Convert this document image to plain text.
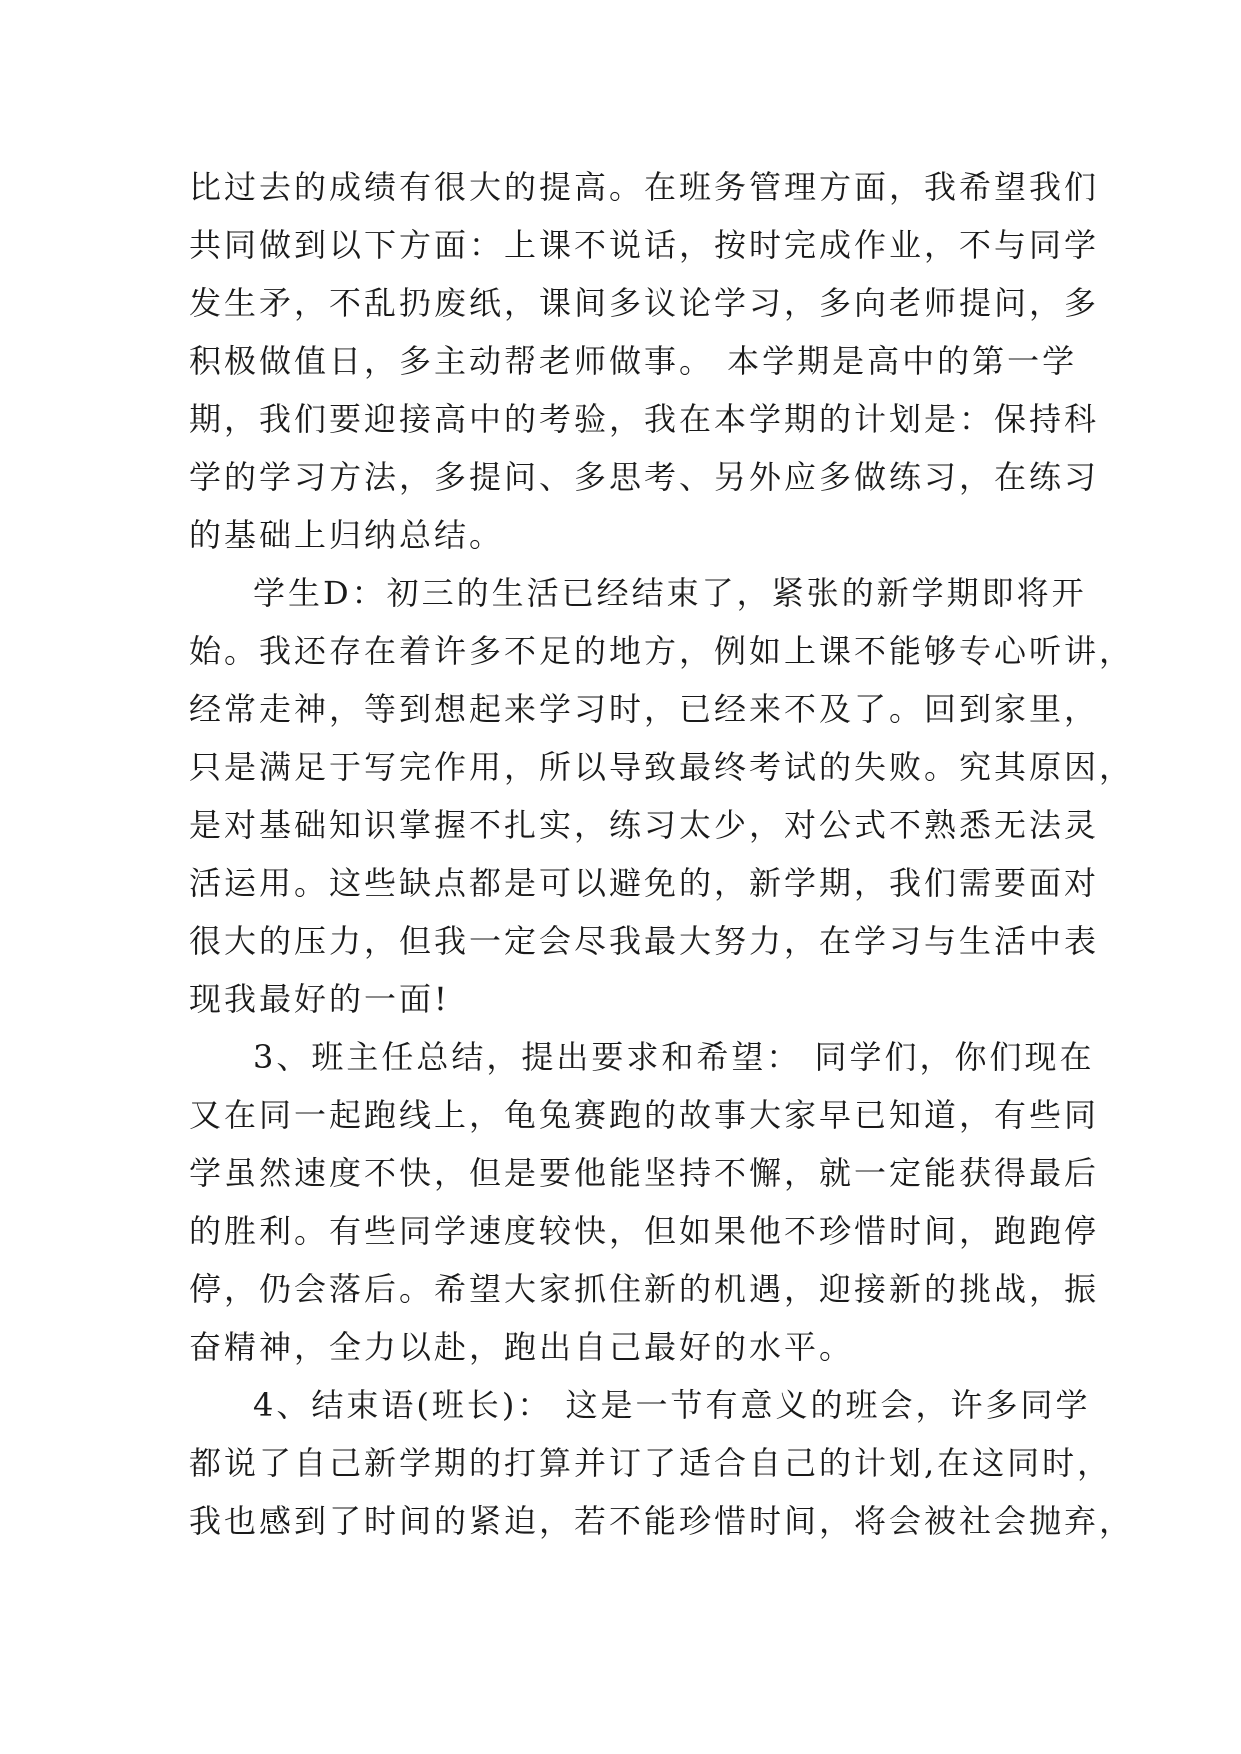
比过去的成绩有很大的提高。在班务管理方面，我希望我们
共同做到以下方面：上课不说话，按时完成作业，不与同学
发生矛，不乱扔废纸，课间多议论学习，多向老师提问，多
积极做值日，多主动帮老师做事。 本学期是高中的第一学
期，我们要迎接高中的考验，我在本学期的计划是：保持科
学的学习方法，多提问、多思考、另外应多做练习，在练习
的基础上归纳总结。
学生D：初三的生活已经结束了，紧张的新学期即将开
始。我还存在着许多不足的地方，例如上课不能够专心听讲，
经常走神，等到想起来学习时，已经来不及了。回到家里，
只是满足于写完作用，所以导致最终考试的失败。究其原因，
是对基础知识掌握不扎实，练习太少，对公式不熟悉无法灵
活运用。这些缺点都是可以避免的，新学期，我们需要面对
很大的压力，但我一定会尽我最大努力，在学习与生活中表
现我最好的一面!
3、班主任总结，提出要求和希望： 同学们，你们现在
又在同一起跑线上，龟兔赛跑的故事大家早已知道，有些同
学虽然速度不快，但是要他能坚持不懈，就一定能获得最后
的胜利。有些同学速度较快，但如果他不珍惜时间，跑跑停
停，仍会落后。希望大家抓住新的机遇，迎接新的挑战，振
奋精神，全力以赴，跑出自己最好的水平。
4、结束语(班长)： 这是一节有意义的班会，许多同学
都说了自己新学期的打算并订了适合自己的计划,在这同时，
我也感到了时间的紧迫，若不能珍惜时间，将会被社会抛弃，
